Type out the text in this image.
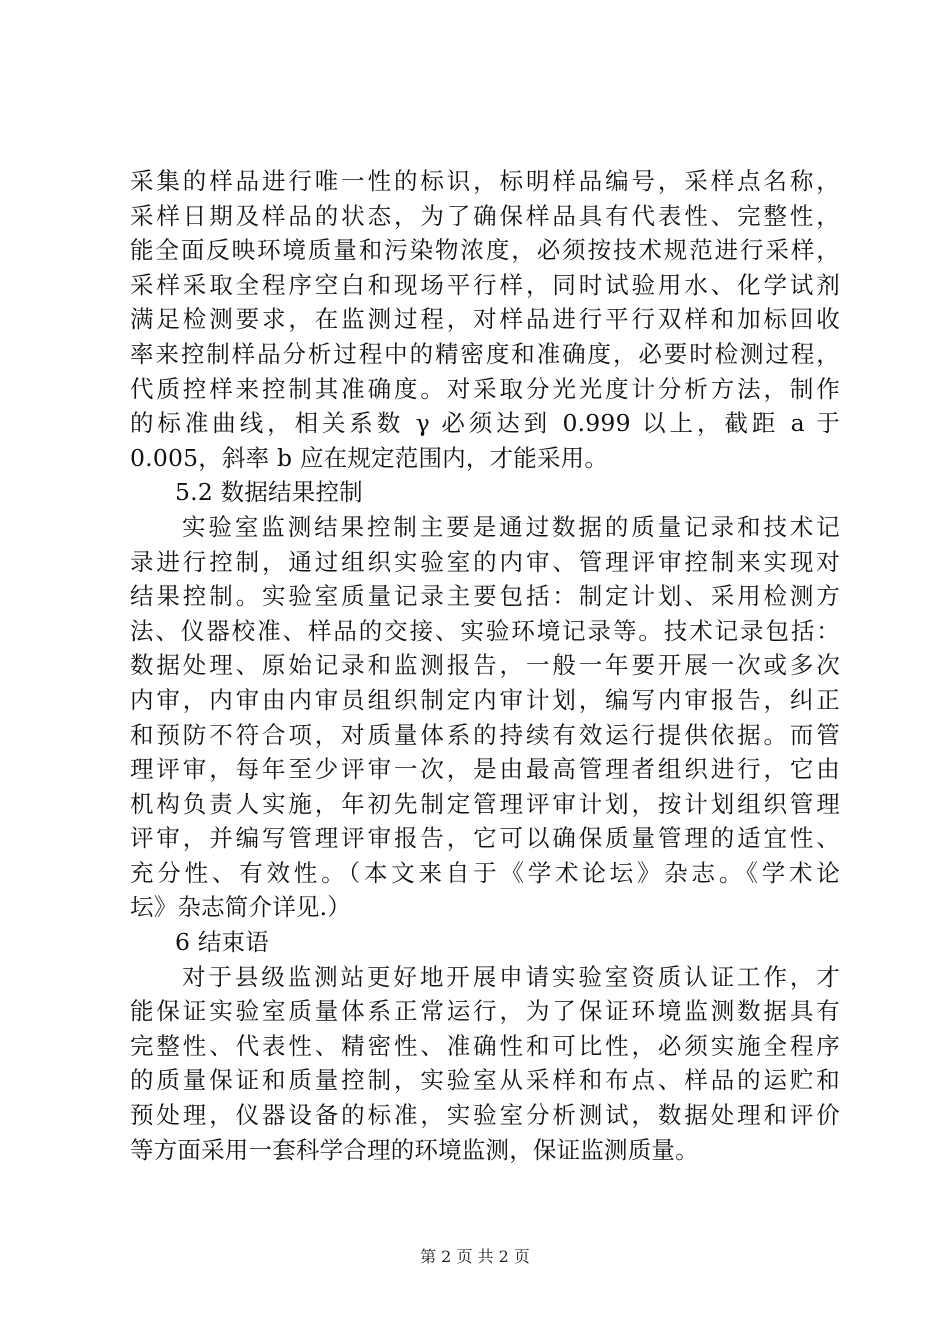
采集的样品进行唯一性的标识，标明样品编号，采样点名称，
采样日期及样品的状态，为了确保样品具有代表性、完整性，
能全面反映环境质量和污染物浓度，必须按技术规范进行采样，
采样采取全程序空白和现场平行样，同时试验用水、化学试剂
满足检测要求，在监测过程，对样品进行平行双样和加标回收
率来控制样品分析过程中的精密度和准确度，必要时检测过程，
代质控样来控制其准确度。对采取分光光度计分析方法，制作
的标准曲线，相关系数 γ 必须达到 0.999 以上，截距 a 于
0.005，斜率 b 应在规定范围内，才能采用。
5.2 数据结果控制
实验室监测结果控制主要是通过数据的质量记录和技术记
录进行控制，通过组织实验室的内审、管理评审控制来实现对
结果控制。实验室质量记录主要包括：制定计划、采用检测方
法、仪器校准、样品的交接、实验环境记录等。技术记录包括：
数据处理、原始记录和监测报告，一般一年要开展一次或多次
内审，内审由内审员组织制定内审计划，编写内审报告，纠正
和预防不符合项，对质量体系的持续有效运行提供依据。而管
理评审，每年至少评审一次，是由最高管理者组织进行，它由
机构负责人实施，年初先制定管理评审计划，按计划组织管理
评审，并编写管理评审报告，它可以确保质量管理的适宜性、
充分性、有效性。（本文来自于《学术论坛》杂志。《学术论
坛》杂志简介详见.）
6 结束语
对于县级监测站更好地开展申请实验室资质认证工作，才
能保证实验室质量体系正常运行，为了保证环境监测数据具有
完整性、代表性、精密性、准确性和可比性，必须实施全程序
的质量保证和质量控制，实验室从采样和布点、样品的运贮和
预处理，仪器设备的标准，实验室分析测试，数据处理和评价
等方面采用一套科学合理的环境监测，保证监测质量。
第 2 页 共 2 页
